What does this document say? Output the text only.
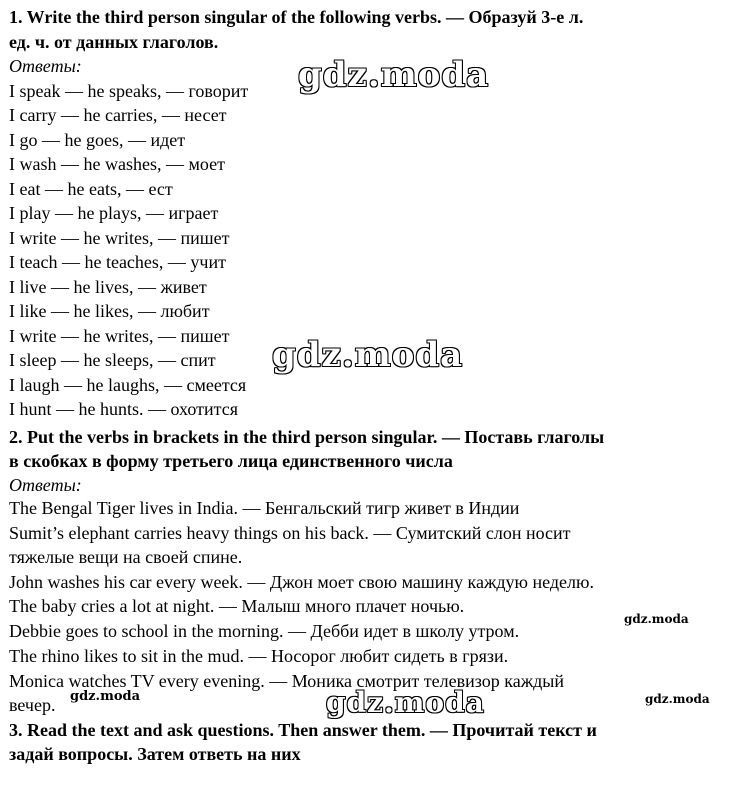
1. Write the third person singular of the following verbs. — Образуй 3-е л.
ед. ч. от данных глаголов.
Ответы:
I speak — he speaks, — говорит
I carry — he carries, — несет
I go — he goes, — идет
I wash — he washes, — моет
I eat — he eats, — ест
I play — he plays, — играет
I write — he writes, — пишет
I teach — he teaches, — учит
I live — he lives, — живет
I like — he likes, — любит
I write — he writes, — пишет
I sleep — he sleeps, — спит
I laugh — he laughs, — смеется
I hunt — he hunts. — охотится
2. Put the verbs in brackets in the third person singular. — Поставь глаголы
в скобках в форму третьего лица единственного числа
Ответы:
The Bengal Tiger lives in India. — Бенгальский тигр живет в Индии
Sumit’s elephant carries heavy things on his back. — Сумитский слон носит
тяжелые вещи на своей спине.
John washes his car every week. — Джон моет свою машину каждую неделю.
The baby cries a lot at night. — Малыш много плачет ночью.
Debbie goes to school in the morning. — Дебби идет в школу утром.
The rhino likes to sit in the mud. — Носорог любит сидеть в грязи.
Monica watches TV every evening. — Моника смотрит телевизор каждый
вечер.
3. Read the text and ask questions. Then answer them. — Прочитай текст и
задай вопросы. Затем ответь на них
gdz.moda
gdz.moda
gdz.moda
gdz.moda
gdz.moda	gdz.moda
